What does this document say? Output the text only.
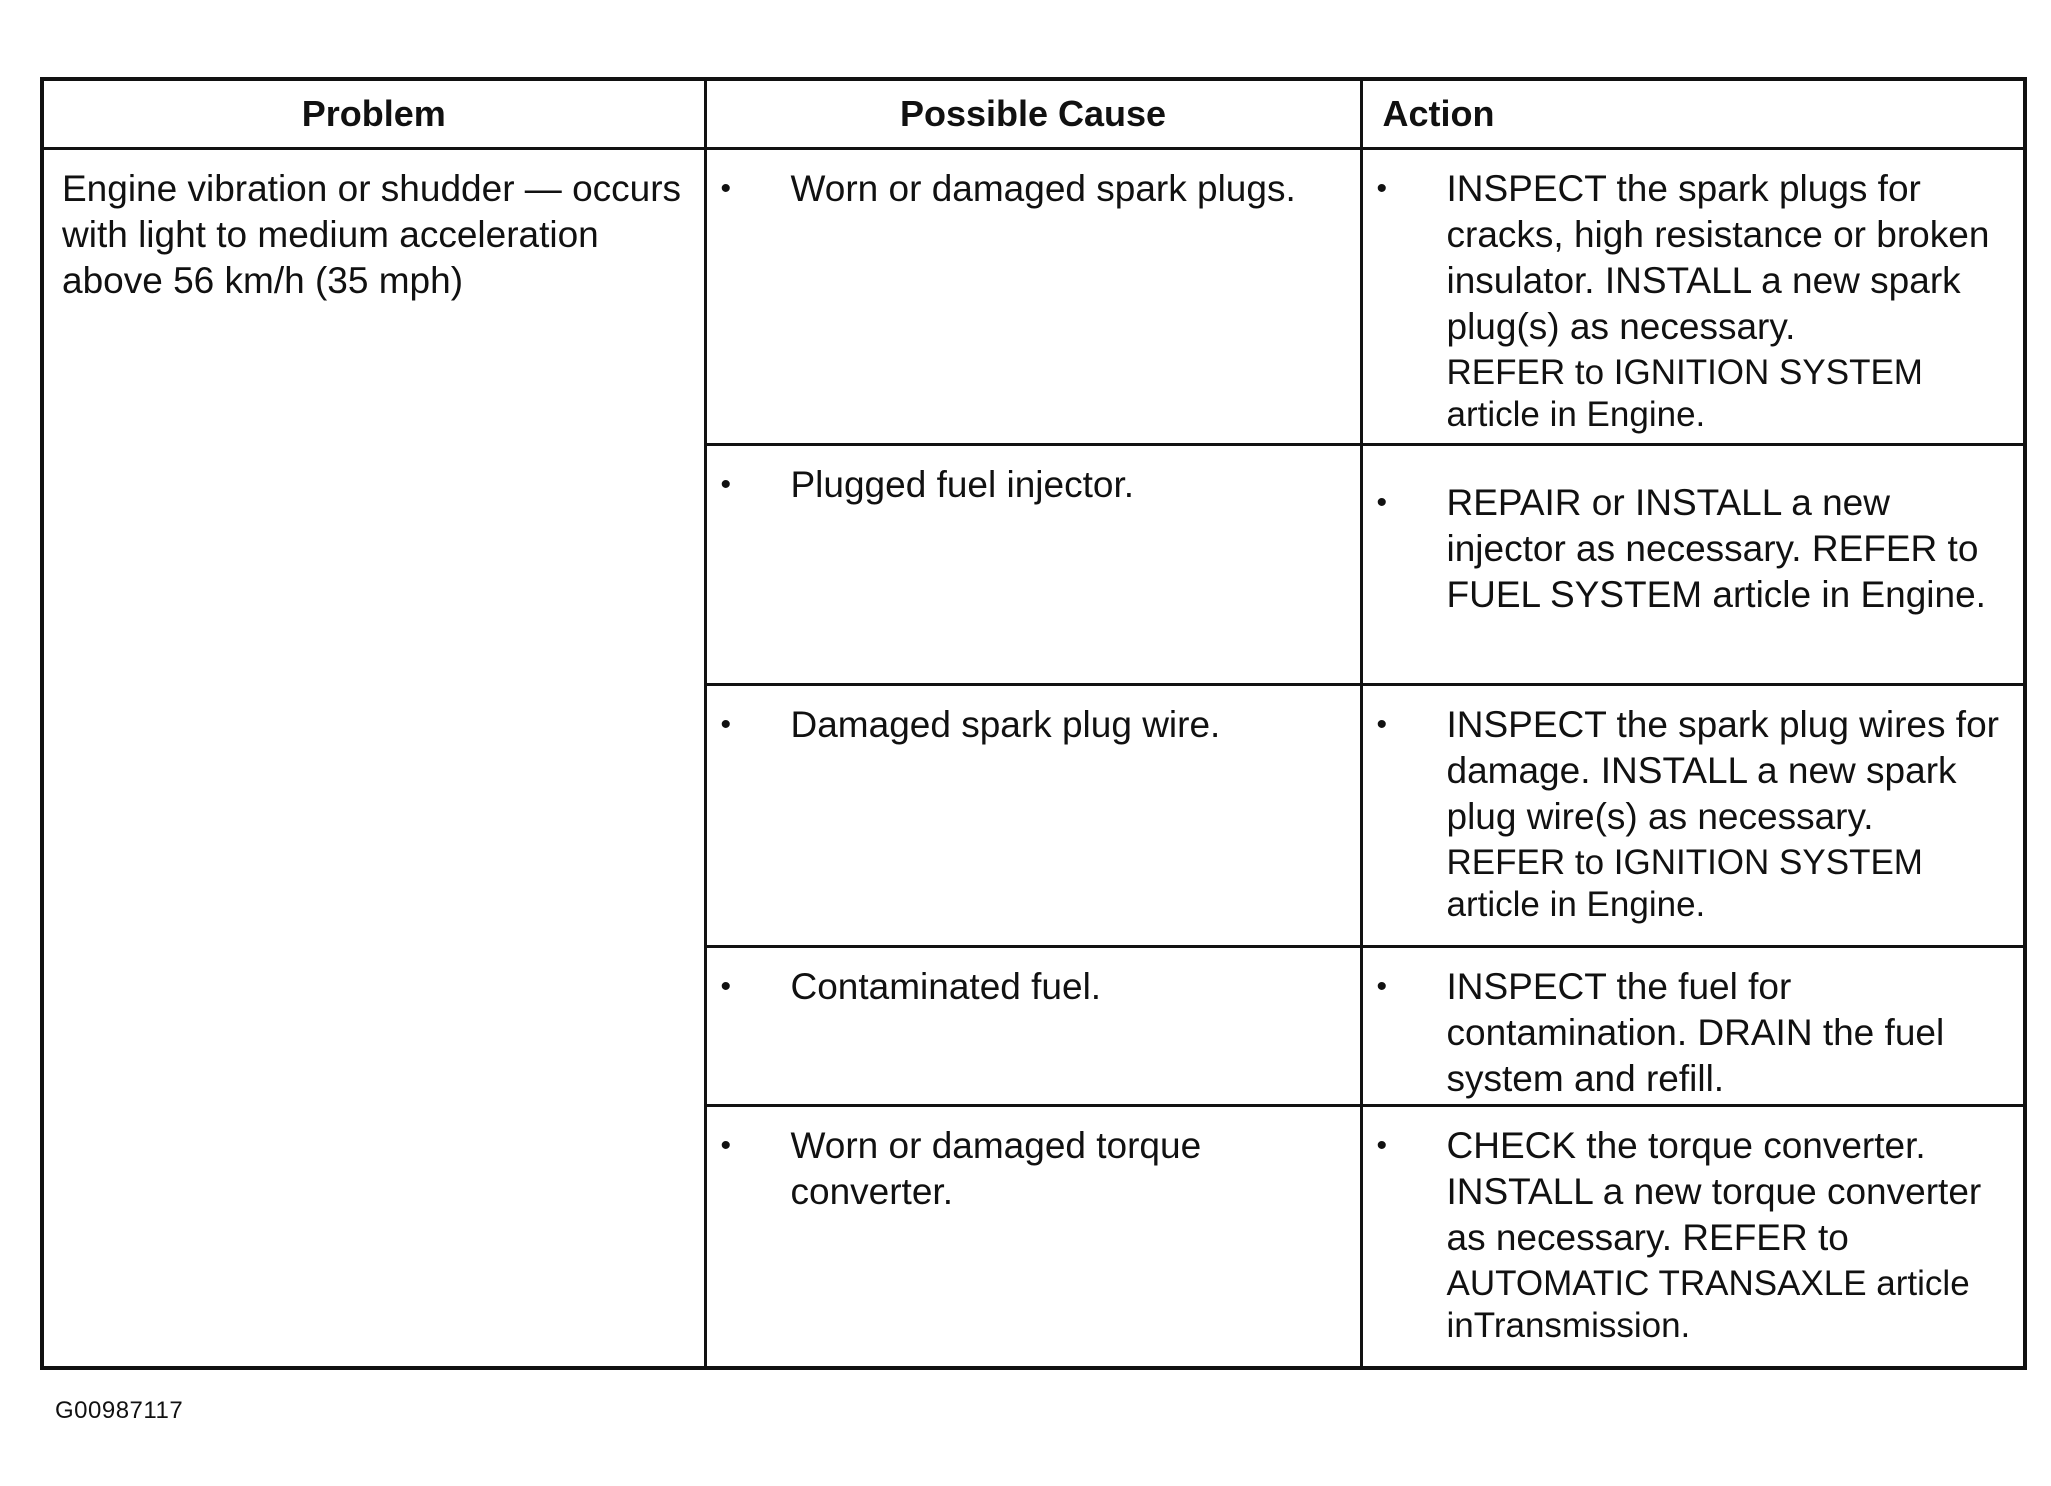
Problem	Possible Cause	Action
Engine vibration or shudder — occurs with light to medium acceleration above 56 km/h (35 mph)	• Worn or damaged spark plugs.	• INSPECT the spark plugs for cracks, high resistance or broken insulator. INSTALL a new spark plug(s) as necessary.
REFER to IGNITION SYSTEM article in Engine.

	• Plugged fuel injector.	• REPAIR or INSTALL a new injector as necessary. REFER to FUEL SYSTEM article in Engine.

	• Damaged spark plug wire.	• INSPECT the spark plug wires for damage. INSTALL a new spark plug wire(s) as necessary.
REFER to IGNITION SYSTEM article in Engine.

	• Contaminated fuel.	• INSPECT the fuel for contamination. DRAIN the fuel system and refill.

	• Worn or damaged torque converter.	• CHECK the torque converter. INSTALL a new torque converter as necessary. REFER to
AUTOMATIC TRANSAXLE article inTransmission.
G00987117
